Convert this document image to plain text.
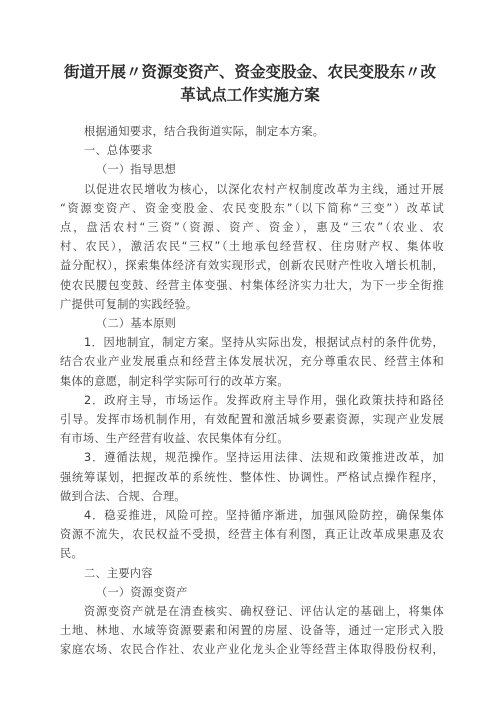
街道开展〃资源变资产、资金变股金、农民变股东〃改
革试点工作实施方案
根据通知要求，结合我街道实际，制定本方案。
一、总体要求
（一）指导思想
以促进农民增收为核心，以深化农村产权制度改革为主线，通过开展
“资源变资产、资金变股金、农民变股东”（以下简称“三变”）改革试
点，盘活农村“三资”（资源、资产、资金），惠及“三农”（农业、农
村、农民），激活农民“三权”（土地承包经营权、住房财产权、集体收
益分配权），探索集体经济有效实现形式，创新农民财产性收入增长机制，
使农民腰包变鼓、经营主体变强、村集体经济实力壮大，为下一步全街推
广提供可复制的实践经验。
（二）基本原则
1．因地制宜，制定方案。坚持从实际出发，根据试点村的条件优势，
结合农业产业发展重点和经营主体发展状况，充分尊重农民、经营主体和
集体的意愿，制定科学实际可行的改革方案。
2．政府主导，市场运作。发挥政府主导作用，强化政策扶持和路径
引导。发挥市场机制作用，有效配置和激活城乡要素资源，实现产业发展
有市场、生产经营有收益、农民集体有分红。
3．遵循法规，规范操作。坚持运用法律、法规和政策推进改革，加
强统筹谋划，把握改革的系统性、整体性、协调性。严格试点操作程序，
做到合法、合规、合理。
4．稳妥推进，风险可控。坚持循序渐进，加强风险防控，确保集体
资源不流失，农民权益不受损，经营主体有利图，真正让改革成果惠及农
民。
二、主要内容
（一）资源变资产
资源变资产就是在清查核实、确权登记、评估认定的基础上，将集体
土地、林地、水域等资源要素和闲置的房屋、设备等，通过一定形式入股
家庭农场、农民合作社、农业产业化龙头企业等经营主体取得股份权利，
